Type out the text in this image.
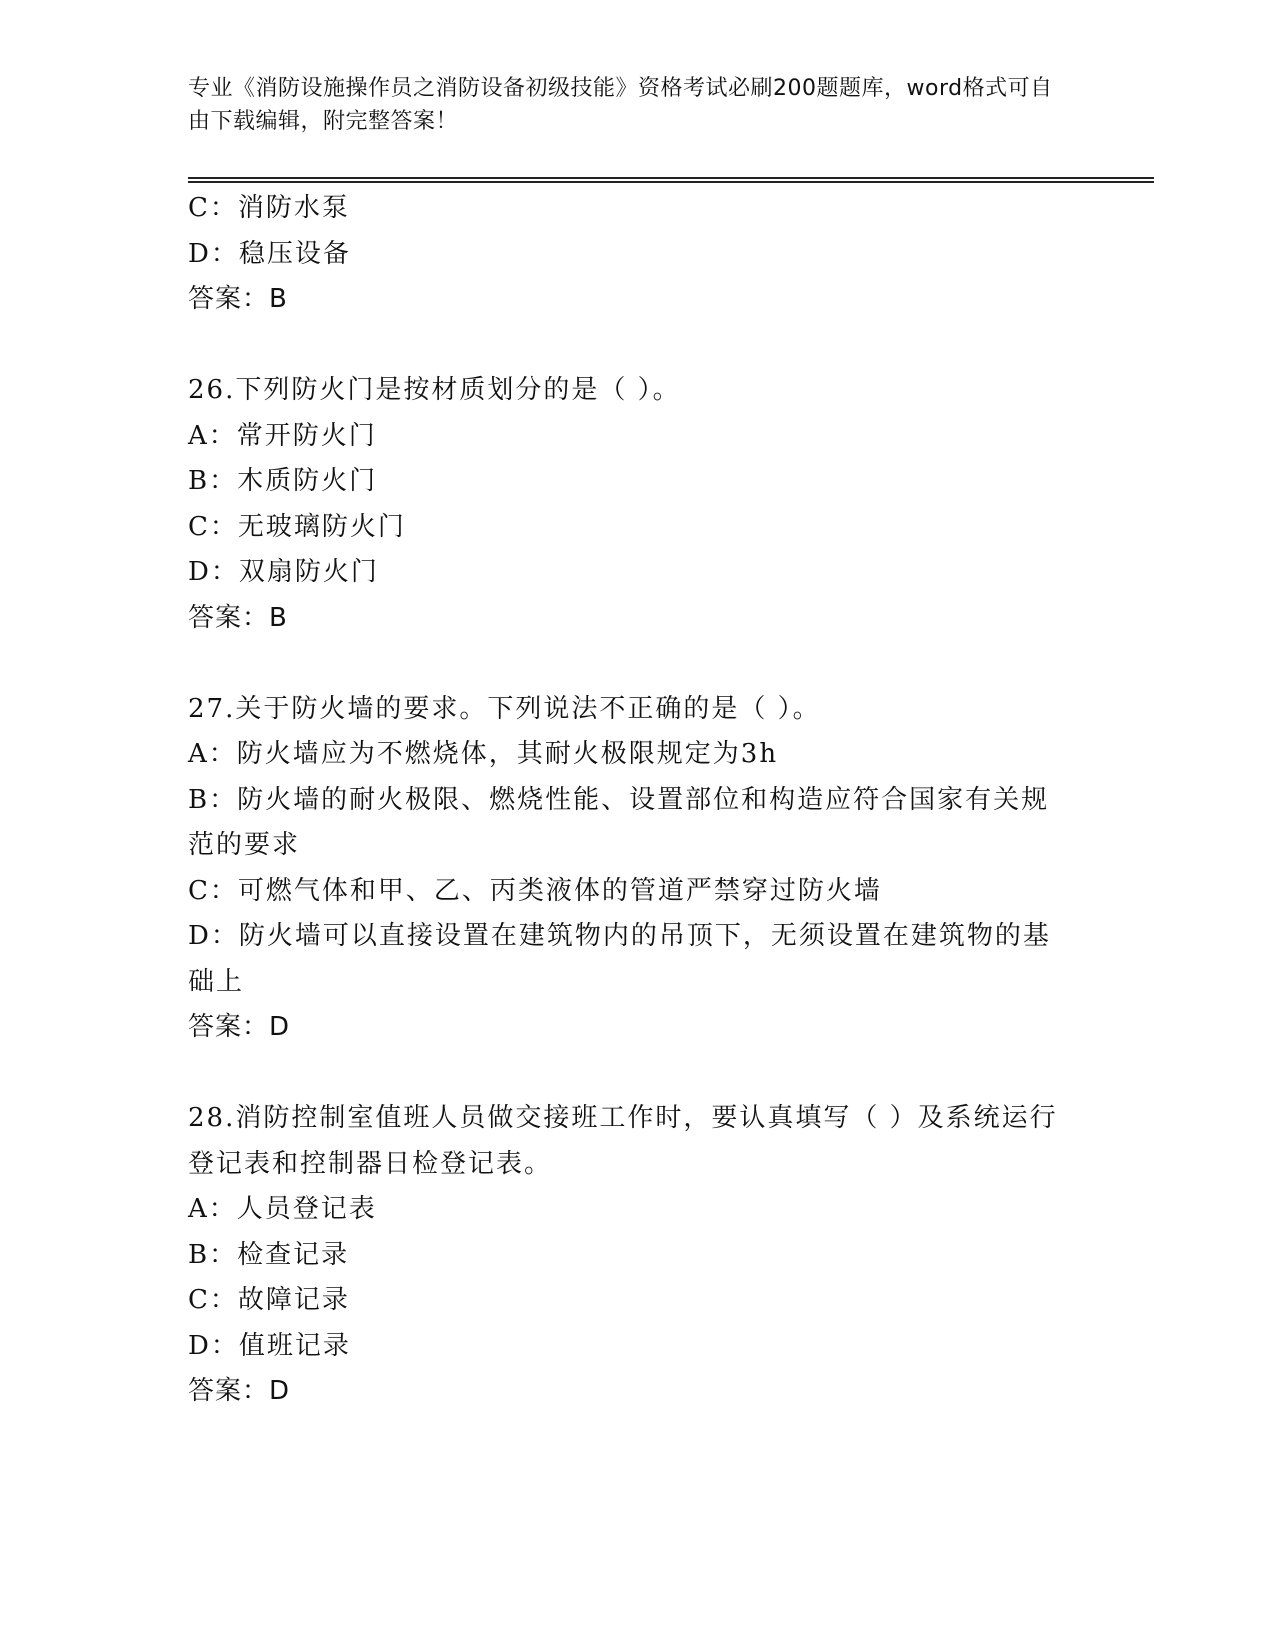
专业《消防设施操作员之消防设备初级技能》资格考试必刷200题题库，word格式可自由下载编辑，附完整答案！
C：消防水泵
D：稳压设备
答案：B
26.下列防火门是按材质划分的是（ ）。
A：常开防火门
B：木质防火门
C：无玻璃防火门
D：双扇防火门
答案：B
27.关于防火墙的要求。下列说法不正确的是（ ）。
A：防火墙应为不燃烧体，其耐火极限规定为3h
B：防火墙的耐火极限、燃烧性能、设置部位和构造应符合国家有关规范的要求
C：可燃气体和甲、乙、丙类液体的管道严禁穿过防火墙
D：防火墙可以直接设置在建筑物内的吊顶下，无须设置在建筑物的基础上
答案：D
28.消防控制室值班人员做交接班工作时，要认真填写（ ）及系统运行登记表和控制器日检登记表。
A：人员登记表
B：检查记录
C：故障记录
D：值班记录
答案：D
